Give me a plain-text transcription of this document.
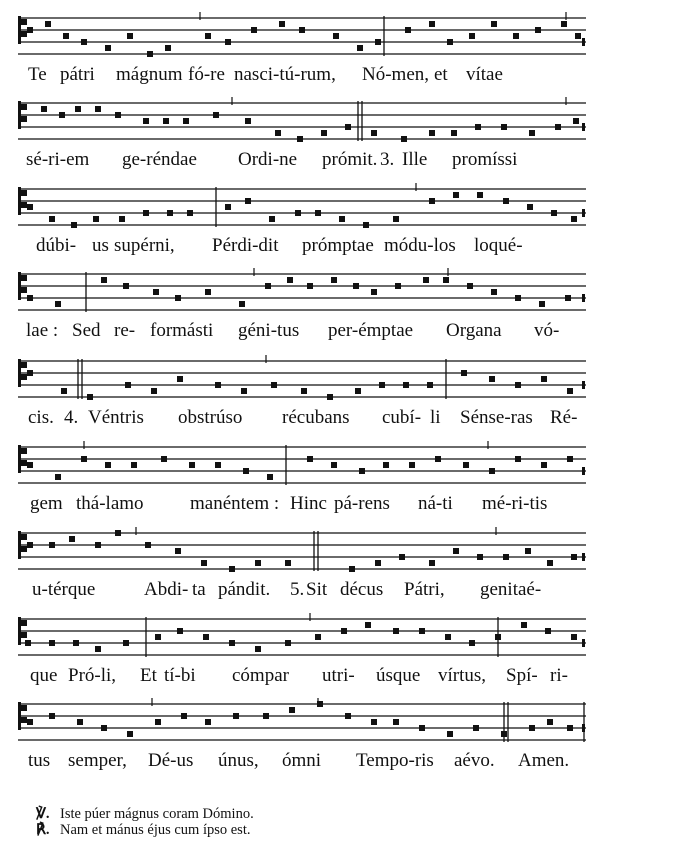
Te pátri mágnum fó-re nasci-tú-rum, Nó-men, et vítae
sé-ri-em ge-réndae Ordi-ne prómit. 3. Ille promíssi
dúbi- us supérni, Pérdi-dit prómptae módu-los loqué-
lae : Sed re- formásti géni-tus per-émptae Organa vó-
cis. 4. Véntris obstrúso récubans cubí- li Sénse-ras Ré-
gem thá-lamo manéntem : Hinc pá-rens ná-ti mé-ri-tis
u-térque	Abdi- ta pándit. 5. Sit décus Pátri, genitaé-
que Pró-li, Et tí-bi cómpar utri- úsque vírtus, Spí- ri-
tus semper, Dé-us únus, ómni Tempo-ris aévo. Amen.
℣. Iste púer mágnus coram Dómino.
℟. Nam et mánus éjus cum ípso est.
